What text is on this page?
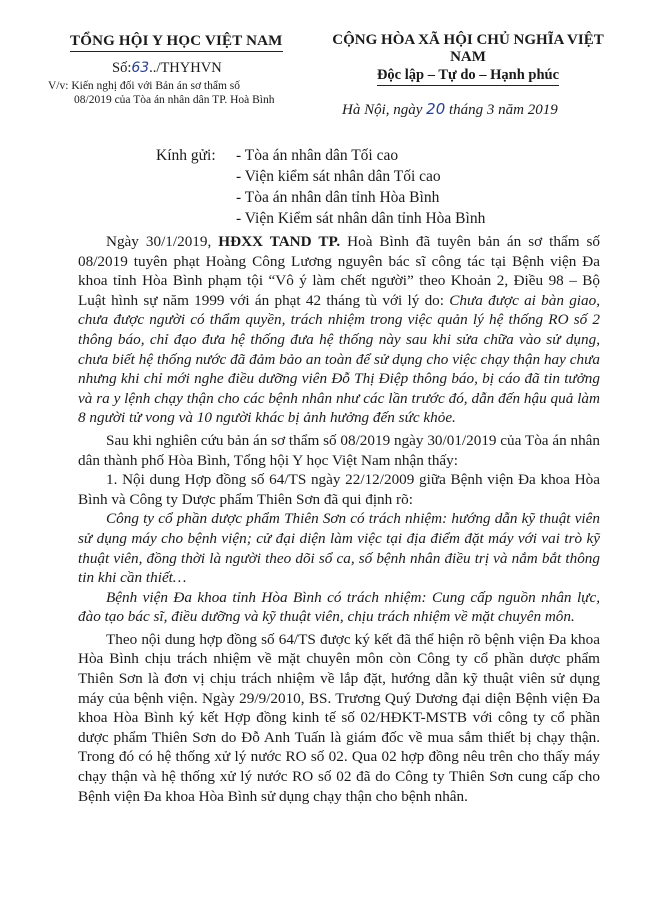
TỔNG HỘI Y HỌC VIỆT NAM
Số:63../THYHVN
V/v: Kiến nghị đối với Bản án sơ thẩm số
08/2019 của Tòa án nhân dân TP. Hoà Bình
CỘNG HÒA XÃ HỘI CHỦ NGHĨA VIỆT NAM
Độc lập – Tự do – Hạnh phúc
Hà Nội, ngày 20 tháng 3 năm 2019
Kính gửi: - Tòa án nhân dân Tối cao
- Viện kiểm sát nhân dân Tối cao
- Tòa án nhân dân tỉnh Hòa Bình
- Viện Kiểm sát nhân dân tỉnh Hòa Bình

Ngày 30/1/2019, HĐXX TAND TP. Hoà Bình đã tuyên bản án sơ thẩm số 08/2019 tuyên phạt Hoàng Công Lương nguyên bác sĩ công tác tại Bệnh viện Đa khoa tỉnh Hòa Bình phạm tội “Vô ý làm chết người” theo Khoản 2, Điều 98 – Bộ Luật hình sự năm 1999 với án phạt 42 tháng tù với lý do: Chưa được ai bàn giao, chưa được người có thẩm quyền, trách nhiệm trong việc quản lý hệ thống RO số 2 thông báo, chỉ đạo đưa hệ thống đưa hệ thống này sau khi sửa chữa vào sử dụng, chưa biết hệ thống nước đã đảm bảo an toàn để sử dụng cho việc chạy thận hay chưa nhưng khi chỉ mới nghe điều dưỡng viên Đỗ Thị Điệp thông báo, bị cáo đã tin tưởng và ra y lệnh chạy thận cho các bệnh nhân như các lần trước đó, dẫn đến hậu quả làm 8 người tử vong và 10 người khác bị ảnh hưởng đến sức khỏe.

Sau khi nghiên cứu bản án sơ thẩm số 08/2019 ngày 30/01/2019 của Tòa án nhân dân thành phố Hòa Bình, Tổng hội Y học Việt Nam nhận thấy:

1. Nội dung Hợp đồng số 64/TS ngày 22/12/2009 giữa Bệnh viện Đa khoa Hòa Bình và Công ty Dược phẩm Thiên Sơn đã qui định rõ:

Công ty cổ phần dược phẩm Thiên Sơn có trách nhiệm: hướng dẫn kỹ thuật viên sử dụng máy cho bệnh viện; cử đại diện làm việc tại địa điểm đặt máy với vai trò kỹ thuật viên, đồng thời là người theo dõi sổ ca, số bệnh nhân điều trị và nắm bắt thông tin khi cần thiết…

Bệnh viện Đa khoa tỉnh Hòa Bình có trách nhiệm: Cung cấp nguồn nhân lực, đào tạo bác sĩ, điều dưỡng và kỹ thuật viên, chịu trách nhiệm về mặt chuyên môn.

Theo nội dung hợp đồng số 64/TS được ký kết đã thể hiện rõ bệnh viện Đa khoa Hòa Bình chịu trách nhiệm về mặt chuyên môn còn Công ty cổ phần dược phẩm Thiên Sơn là đơn vị chịu trách nhiệm về lắp đặt, hướng dẫn kỹ thuật viên sử dụng máy của bệnh viện. Ngày 29/9/2010, BS. Trương Quý Dương đại diện Bệnh viện Đa khoa Hòa Bình ký kết Hợp đồng kinh tế số 02/HĐKT-MSTB với công ty cổ phần dược phẩm Thiên Sơn do Đỗ Anh Tuấn là giám đốc về mua sắm thiết bị chạy thận. Trong đó có hệ thống xử lý nước RO số 02. Qua 02 hợp đồng nêu trên cho thấy máy chạy thận và hệ thống xử lý nước RO số 02 đã do Công ty Thiên Sơn cung cấp cho Bệnh viện Đa khoa Hòa Bình sử dụng chạy thận cho bệnh nhân.
